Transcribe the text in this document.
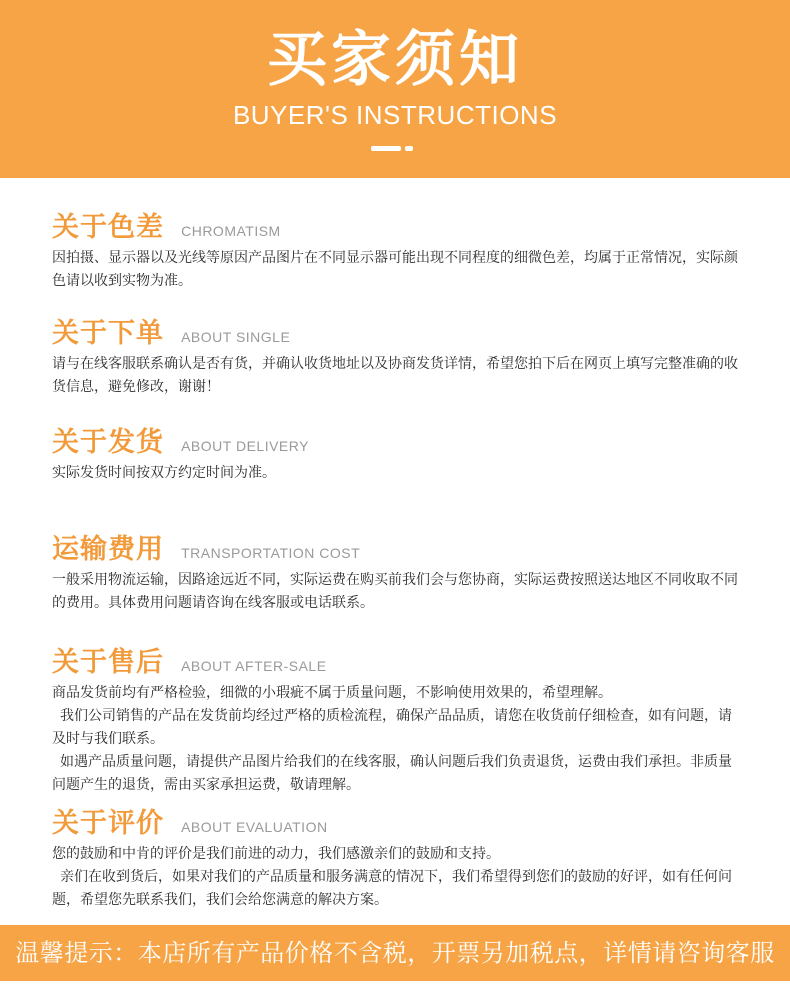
买家须知
BUYER'S INSTRUCTIONS
关于色差 CHROMATISM

因拍摄、显示器以及光线等原因产品图片在不同显示器可能出现不同程度的细微色差，均属于正常情况，实际颜色请以收到实物为准。

关于下单 ABOUT SINGLE

请与在线客服联系确认是否有货，并确认收货地址以及协商发货详情，希望您拍下后在网页上填写完整准确的收货信息，避免修改，谢谢！

关于发货 ABOUT DELIVERY

实际发货时间按双方约定时间为准。

运输费用 TRANSPORTATION COST

一般采用物流运输，因路途远近不同，实际运费在购买前我们会与您协商，实际运费按照送达地区不同收取不同的费用。具体费用问题请咨询在线客服或电话联系。

关于售后 ABOUT AFTER-SALE

商品发货前均有严格检验，细微的小瑕疵不属于质量问题，不影响使用效果的，希望理解。

我们公司销售的产品在发货前均经过严格的质检流程，确保产品品质，请您在收货前仔细检查，如有问题，请及时与我们联系。

如遇产品质量问题，请提供产品图片给我们的在线客服，确认问题后我们负责退货，运费由我们承担。非质量问题产生的退货，需由买家承担运费，敬请理解。

关于评价 ABOUT EVALUATION

您的鼓励和中肯的评价是我们前进的动力，我们感激亲们的鼓励和支持。

亲们在收到货后，如果对我们的产品质量和服务满意的情况下，我们希望得到您们的鼓励的好评，如有任何问题，希望您先联系我们，我们会给您满意的解决方案。

温馨提示：本店所有产品价格不含税，开票另加税点，详情请咨询客服
